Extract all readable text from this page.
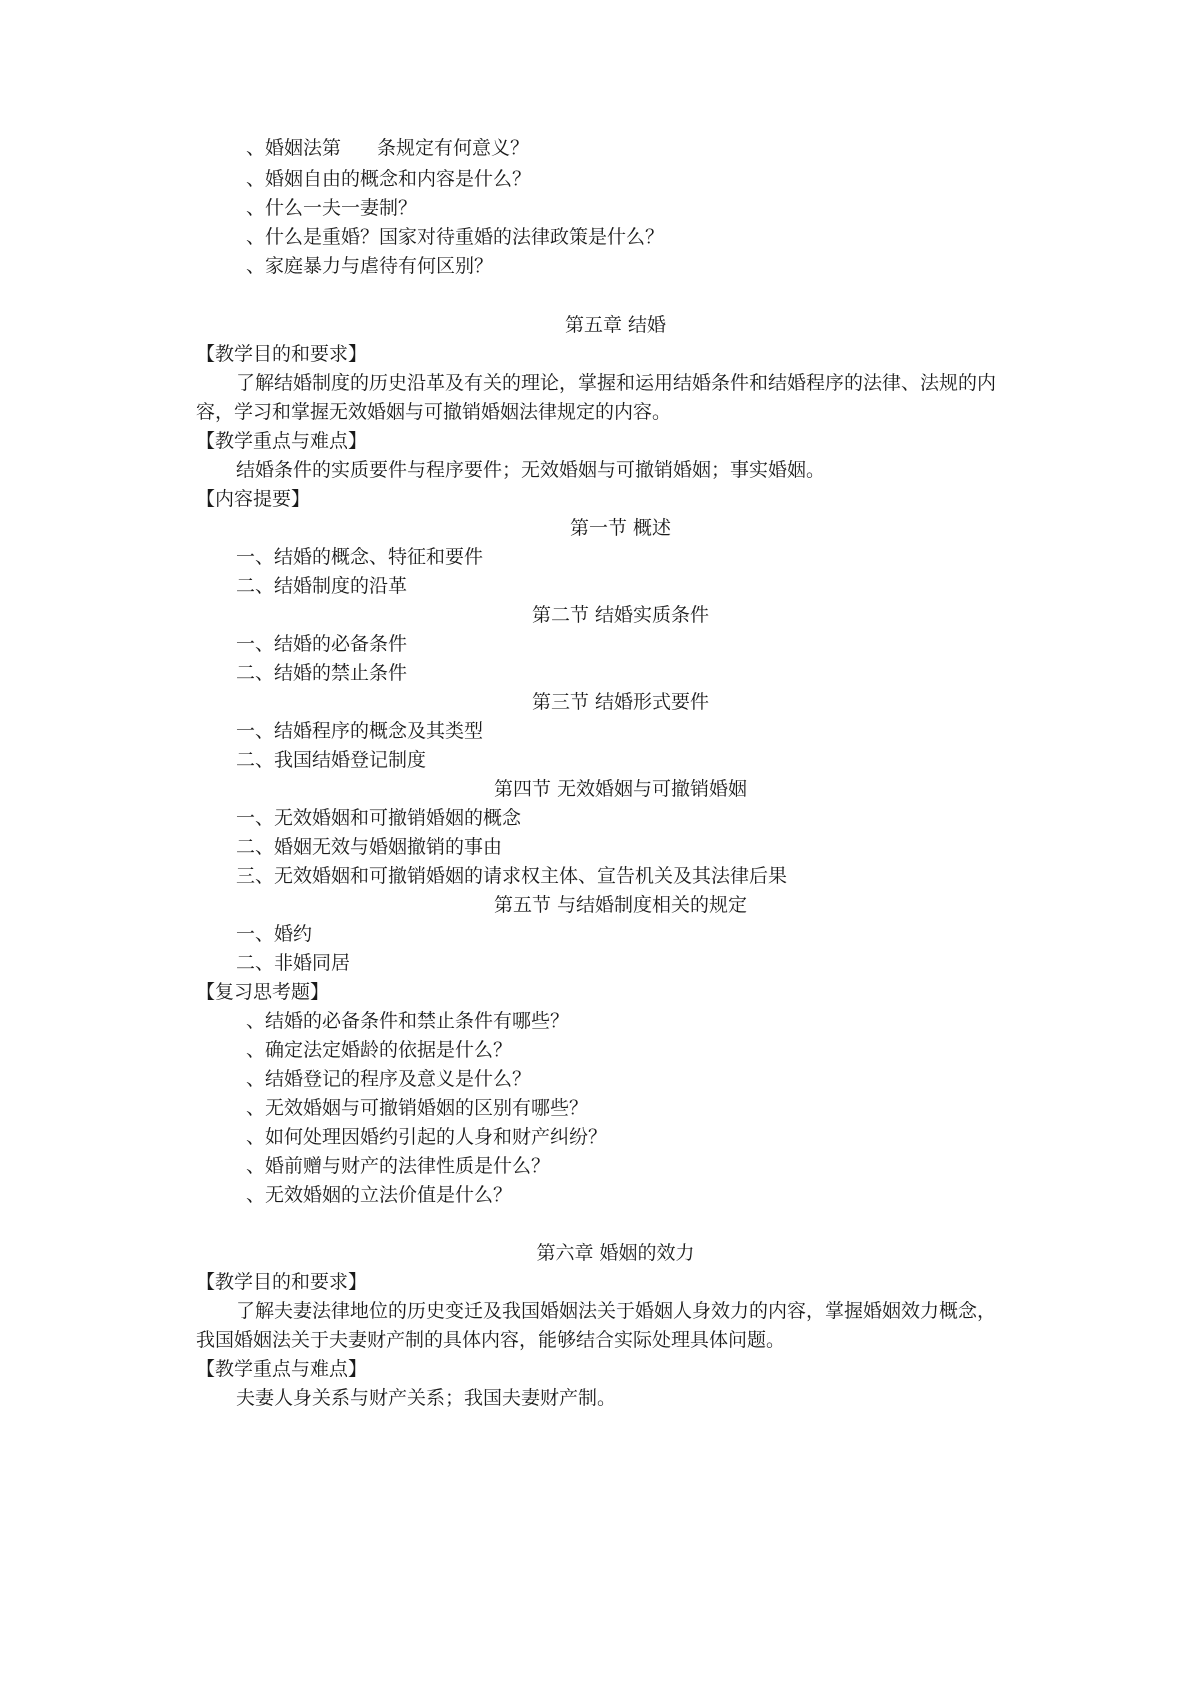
、婚姻法第 条规定有何意义？
、婚姻自由的概念和内容是什么？
、什么一夫一妻制？
、什么是重婚？国家对待重婚的法律政策是什么？
、家庭暴力与虐待有何区别？
第五章 结婚
【教学目的和要求】
了解结婚制度的历史沿革及有关的理论，掌握和运用结婚条件和结婚程序的法律、法规的内
容，学习和掌握无效婚姻与可撤销婚姻法律规定的内容。
【教学重点与难点】
结婚条件的实质要件与程序要件；无效婚姻与可撤销婚姻；事实婚姻。
【内容提要】
第一节 概述
一、结婚的概念、特征和要件
二、结婚制度的沿革
第二节 结婚实质条件
一、结婚的必备条件
二、结婚的禁止条件
第三节 结婚形式要件
一、结婚程序的概念及其类型
二、我国结婚登记制度
第四节 无效婚姻与可撤销婚姻
一、无效婚姻和可撤销婚姻的概念
二、婚姻无效与婚姻撤销的事由
三、无效婚姻和可撤销婚姻的请求权主体、宣告机关及其法律后果
第五节 与结婚制度相关的规定
一、婚约
二、非婚同居
【复习思考题】
、结婚的必备条件和禁止条件有哪些？
、确定法定婚龄的依据是什么？
、结婚登记的程序及意义是什么？
、无效婚姻与可撤销婚姻的区别有哪些？
、如何处理因婚约引起的人身和财产纠纷？
、婚前赠与财产的法律性质是什么？
、无效婚姻的立法价值是什么？
第六章 婚姻的效力
【教学目的和要求】
了解夫妻法律地位的历史变迁及我国婚姻法关于婚姻人身效力的内容，掌握婚姻效力概念，
我国婚姻法关于夫妻财产制的具体内容，能够结合实际处理具体问题。
【教学重点与难点】
夫妻人身关系与财产关系；我国夫妻财产制。
